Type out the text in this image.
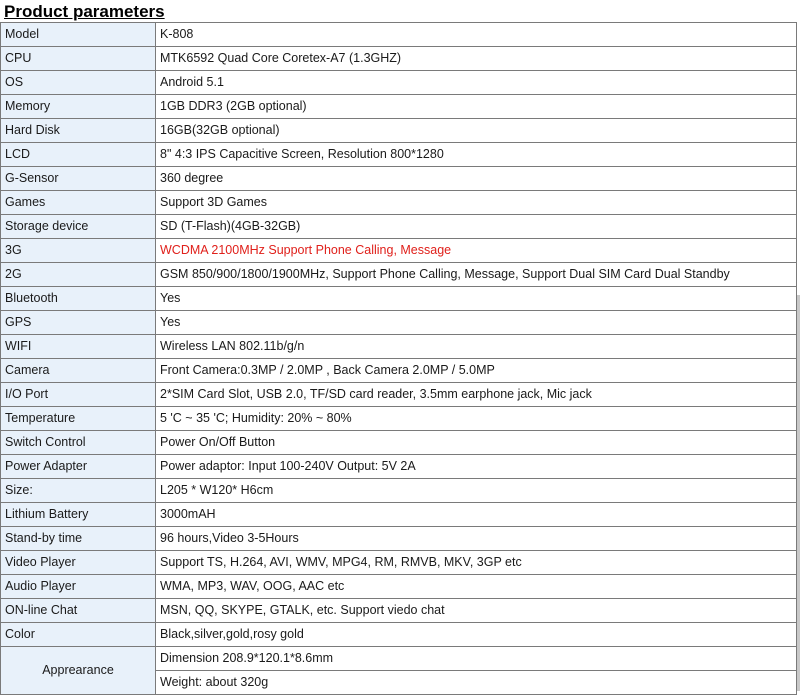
Product parameters
Model	K-808
CPU	MTK6592 Quad Core Coretex-A7 (1.3GHZ)
OS	Android 5.1
Memory	1GB DDR3 (2GB optional)
Hard Disk	16GB(32GB optional)
LCD	8" 4:3 IPS Capacitive Screen, Resolution 800*1280
G-Sensor	360 degree
Games	Support 3D Games
Storage device	SD (T-Flash)(4GB-32GB)
3G	WCDMA 2100MHz Support Phone Calling, Message
2G	GSM 850/900/1800/1900MHz, Support Phone Calling, Message, Support Dual SIM Card Dual Standby
Bluetooth	Yes
GPS	Yes
WIFI	Wireless LAN 802.11b/g/n
Camera	Front Camera:0.3MP / 2.0MP , Back Camera 2.0MP / 5.0MP
I/O Port	2*SIM Card Slot, USB 2.0, TF/SD card reader, 3.5mm earphone jack, Mic jack
Temperature	5 'C ~ 35 'C; Humidity: 20% ~ 80%
Switch Control	Power On/Off Button
Power Adapter	Power adaptor: Input 100-240V Output: 5V 2A
Size:	L205 * W120* H6cm
Lithium Battery	3000mAH
Stand-by time	96 hours,Video 3-5Hours
Video Player	Support TS, H.264, AVI, WMV, MPG4, RM, RMVB, MKV, 3GP etc
Audio Player	WMA, MP3, WAV, OOG, AAC etc
ON-line Chat	MSN, QQ, SKYPE, GTALK, etc. Support viedo chat
Color	Black,silver,gold,rosy gold
Apprearance	Dimension 208.9*120.1*8.6mm
	Weight: about 320g
